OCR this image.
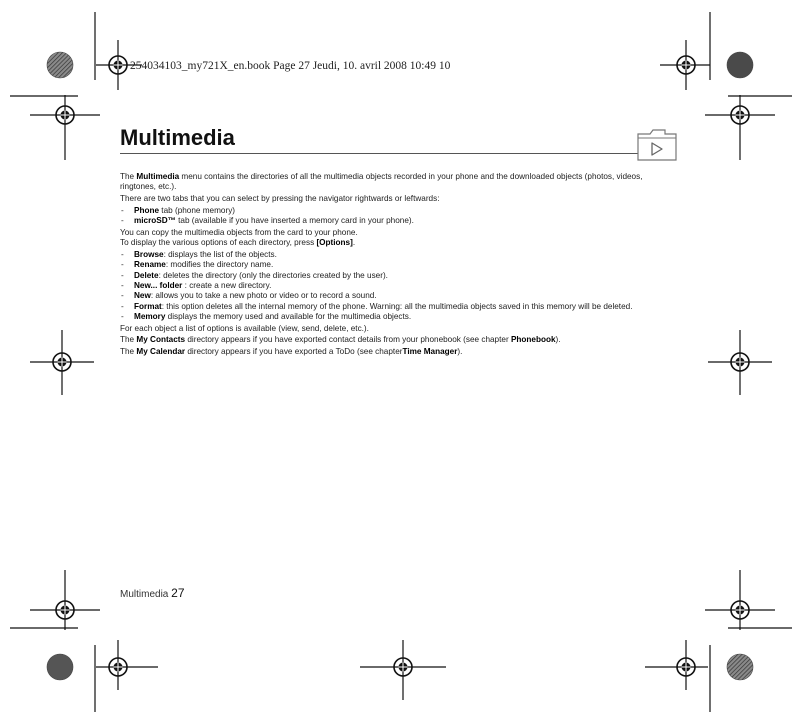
254034103_my721X_en.book Page 27 Jeudi, 10. avril 2008 10:49 10
Multimedia

The Multimedia menu contains the directories of all the multimedia objects recorded in your phone and the downloaded objects (photos, videos, ringtones, etc.).

There are two tabs that you can select by pressing the navigator rightwards or leftwards:

- Phone tab (phone memory)
- microSD™ tab (available if you have inserted a memory card in your phone).

You can copy the multimedia objects from the card to your phone.

To display the various options of each directory, press [Options].

- Browse: displays the list of the objects.
- Rename: modifies the directory name.
- Delete: deletes the directory (only the directories created by the user).
- New... folder : create a new directory.
- New: allows you to take a new photo or video or to record a sound.
- Format: this option deletes all the internal memory of the phone. Warning: all the multimedia objects saved in this memory will be deleted.
- Memory displays the memory used and available for the multimedia objects.

For each object a list of options is available (view, send, delete, etc.).

The My Contacts directory appears if you have exported contact details from your phonebook (see chapter Phonebook).

The My Calendar directory appears if you have exported a ToDo (see chapterTime Manager).

Multimedia 27
